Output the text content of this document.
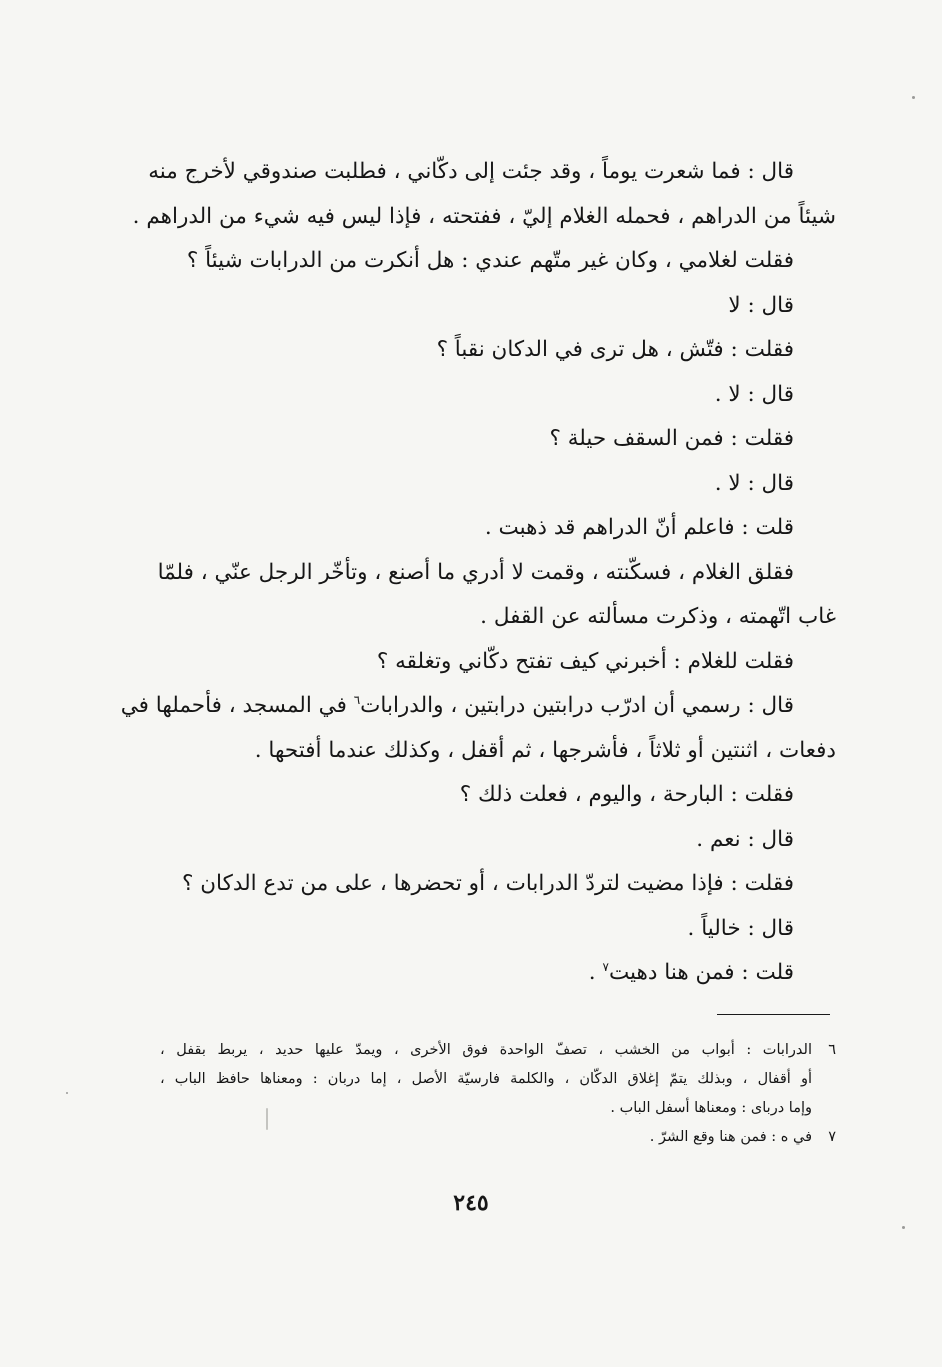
قال : فما شعرت يوماً ، وقد جئت إلى دكّاني ، فطلبت صندوقي لأخرج منه
شيئاً من الدراهم ، فحمله الغلام إليّ ، ففتحته ، فإذا ليس فيه شيء من الدراهم .
فقلت لغلامي ، وكان غير متّهم عندي : هل أنكرت من الدرابات شيئاً ؟
قال : لا
فقلت : فتّش ، هل ترى في الدكان نقباً ؟
قال : لا .
فقلت : فمن السقف حيلة ؟
قال : لا .
قلت : فاعلم أنّ الدراهم قد ذهبت .
فقلق الغلام ، فسكّنته ، وقمت لا أدري ما أصنع ، وتأخّر الرجل عنّي ، فلمّا
غاب اتّهمته ، وذكرت مسألته عن القفل .
فقلت للغلام : أخبرني كيف تفتح دكّاني وتغلقه ؟
قال : رسمي أن ادرّب درابتين درابتين ، والدرابات$^٦$ في المسجد ، فأحملها في
دفعات ، اثنتين أو ثلاثاً ، فأشرجها ، ثم أقفل ، وكذلك عندما أفتحها .
فقلت : البارحة ، واليوم ، فعلت ذلك ؟
قال : نعم .
فقلت : فإذا مضيت لتردّ الدرابات ، أو تحضرها ، على من تدع الدكان ؟
قال : خالياً .
قلت : فمن هنا دهيت$^٧$ .
٦
الدرابات : أبواب من الخشب ، تصفّ الواحدة فوق الأخرى ، ويمدّ عليها حديد ، يربط بقفل ،
أو أقفال ، وبذلك يتمّ إغلاق الدكّان ، والكلمة فارسيّة الأصل ، إما دربان : ومعناها حافظ الباب ،
وإما دربای : ومعناها أسفل الباب .
٧
في ه : فمن هنا وقع الشرّ .
٢٤٥
